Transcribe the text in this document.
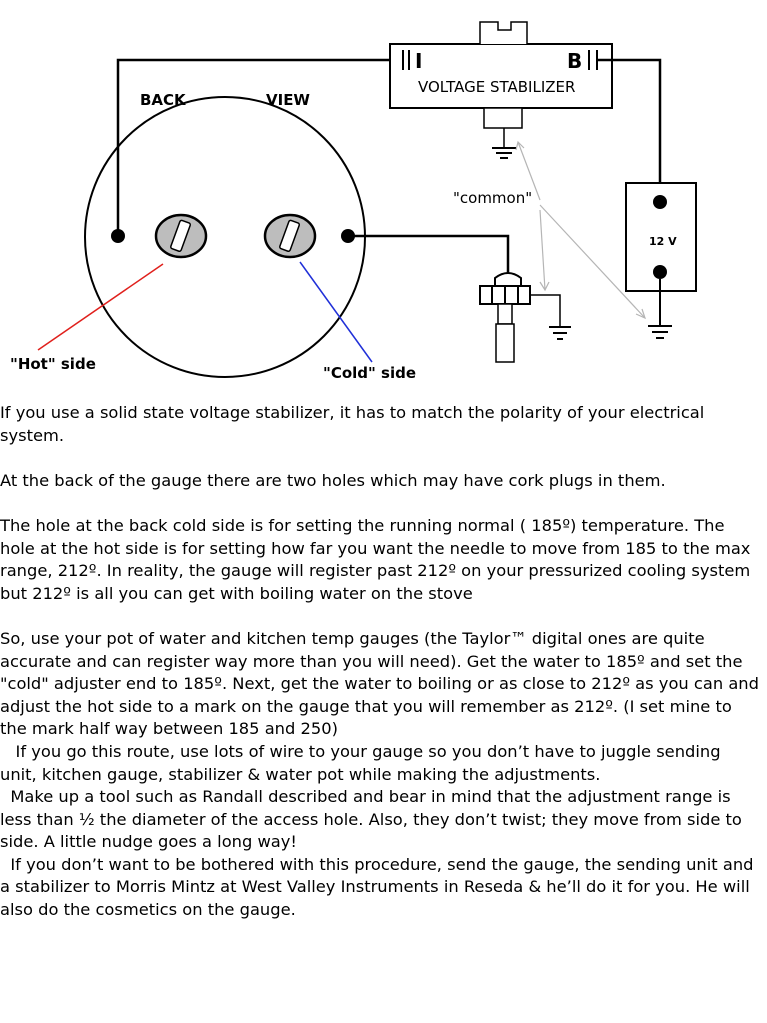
BACK	VIEW
I	B
VOLTAGE STABILIZER
12 V
"common"
"Hot" side	"Cold" side

If you use a solid state voltage stabilizer, it has to match the polarity of your electrical system.

At the back of the gauge there are two holes which may have cork plugs in them.

The hole at the back cold side is for setting the running normal ( 185º) temperature. The hole at the hot side is for setting how far you want the needle to move from 185 to the max range, 212º. In reality, the gauge will register past 212º on your pressurized cooling system but 212º is all you can get with boiling water on the stove

So, use your pot of water and kitchen temp gauges (the Taylor™ digital ones are quite accurate and can register way more than you will need). Get the water to 185º and set the "cold" adjuster end to 185º. Next, get the water to boiling or as close to 212º as you can and adjust the hot side to a mark on the gauge that you will remember as 212º. (I set mine to the mark half way between 185 and 250)

If you go this route, use lots of wire to your gauge so you don’t have to juggle sending unit, kitchen gauge, stabilizer & water pot while making the adjustments.

Make up a tool such as Randall described and bear in mind that the adjustment range is less than ½ the diameter of the access hole. Also, they don’t twist; they move from side to side. A little nudge goes a long way!

If you don’t want to be bothered with this procedure, send the gauge, the sending unit and a stabilizer to Morris Mintz at West Valley Instruments in Reseda & he’ll do it for you. He will also do the cosmetics on the gauge.
